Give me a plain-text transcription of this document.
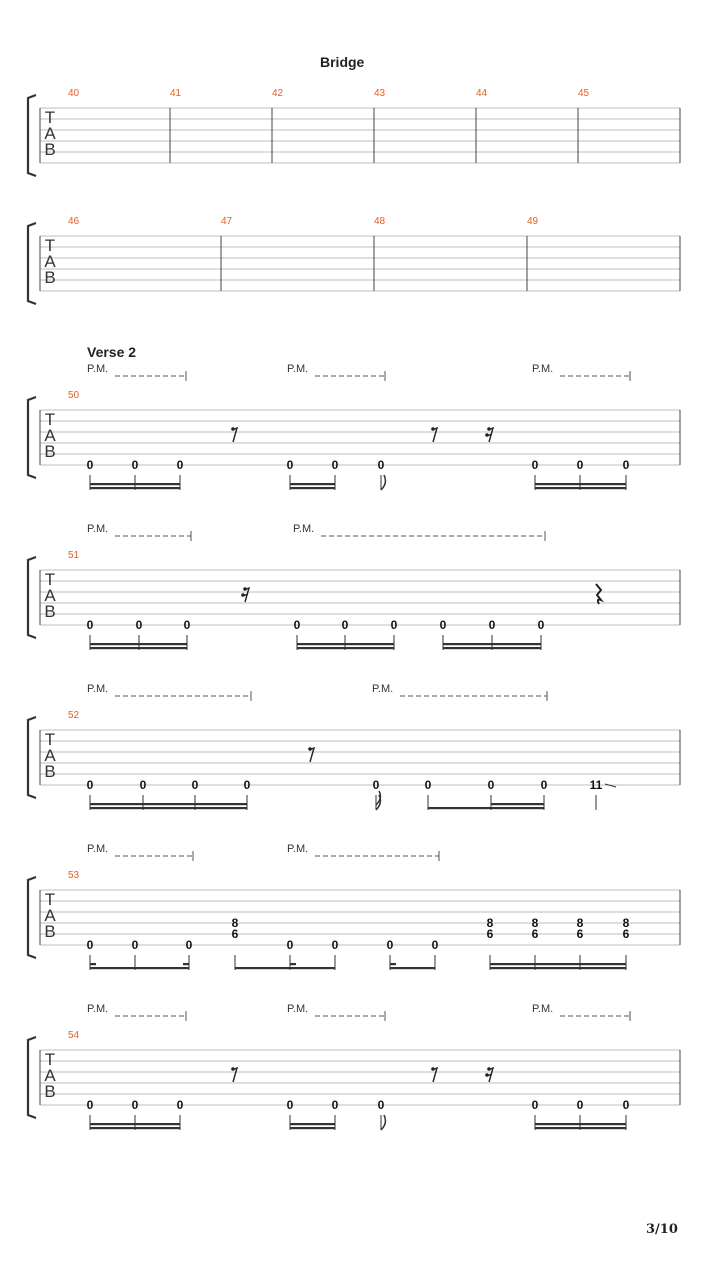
Bridge
T
A
B
40	41	42	43	44	45
T
A
B
46	47	48	49
Verse 2
T
A
B
50
P.M.	P.M.	P.M.
0	0	0	0	0	0	0	0	0
T
A
B
51
P.M.	P.M.
0	0	0	0	0	0	0	0	0
T
A
B
52
P.M.	P.M.
0	0	0	0	0	0	0	0	11
T
A
B
53
P.M.	P.M.
0	0	0
8
6
0	0	0	0
8
6
8
6
8
6
8
6
T
A
B
54
P.M.	P.M.	P.M.
0	0	0	0	0	0	0	0	0
3/10
